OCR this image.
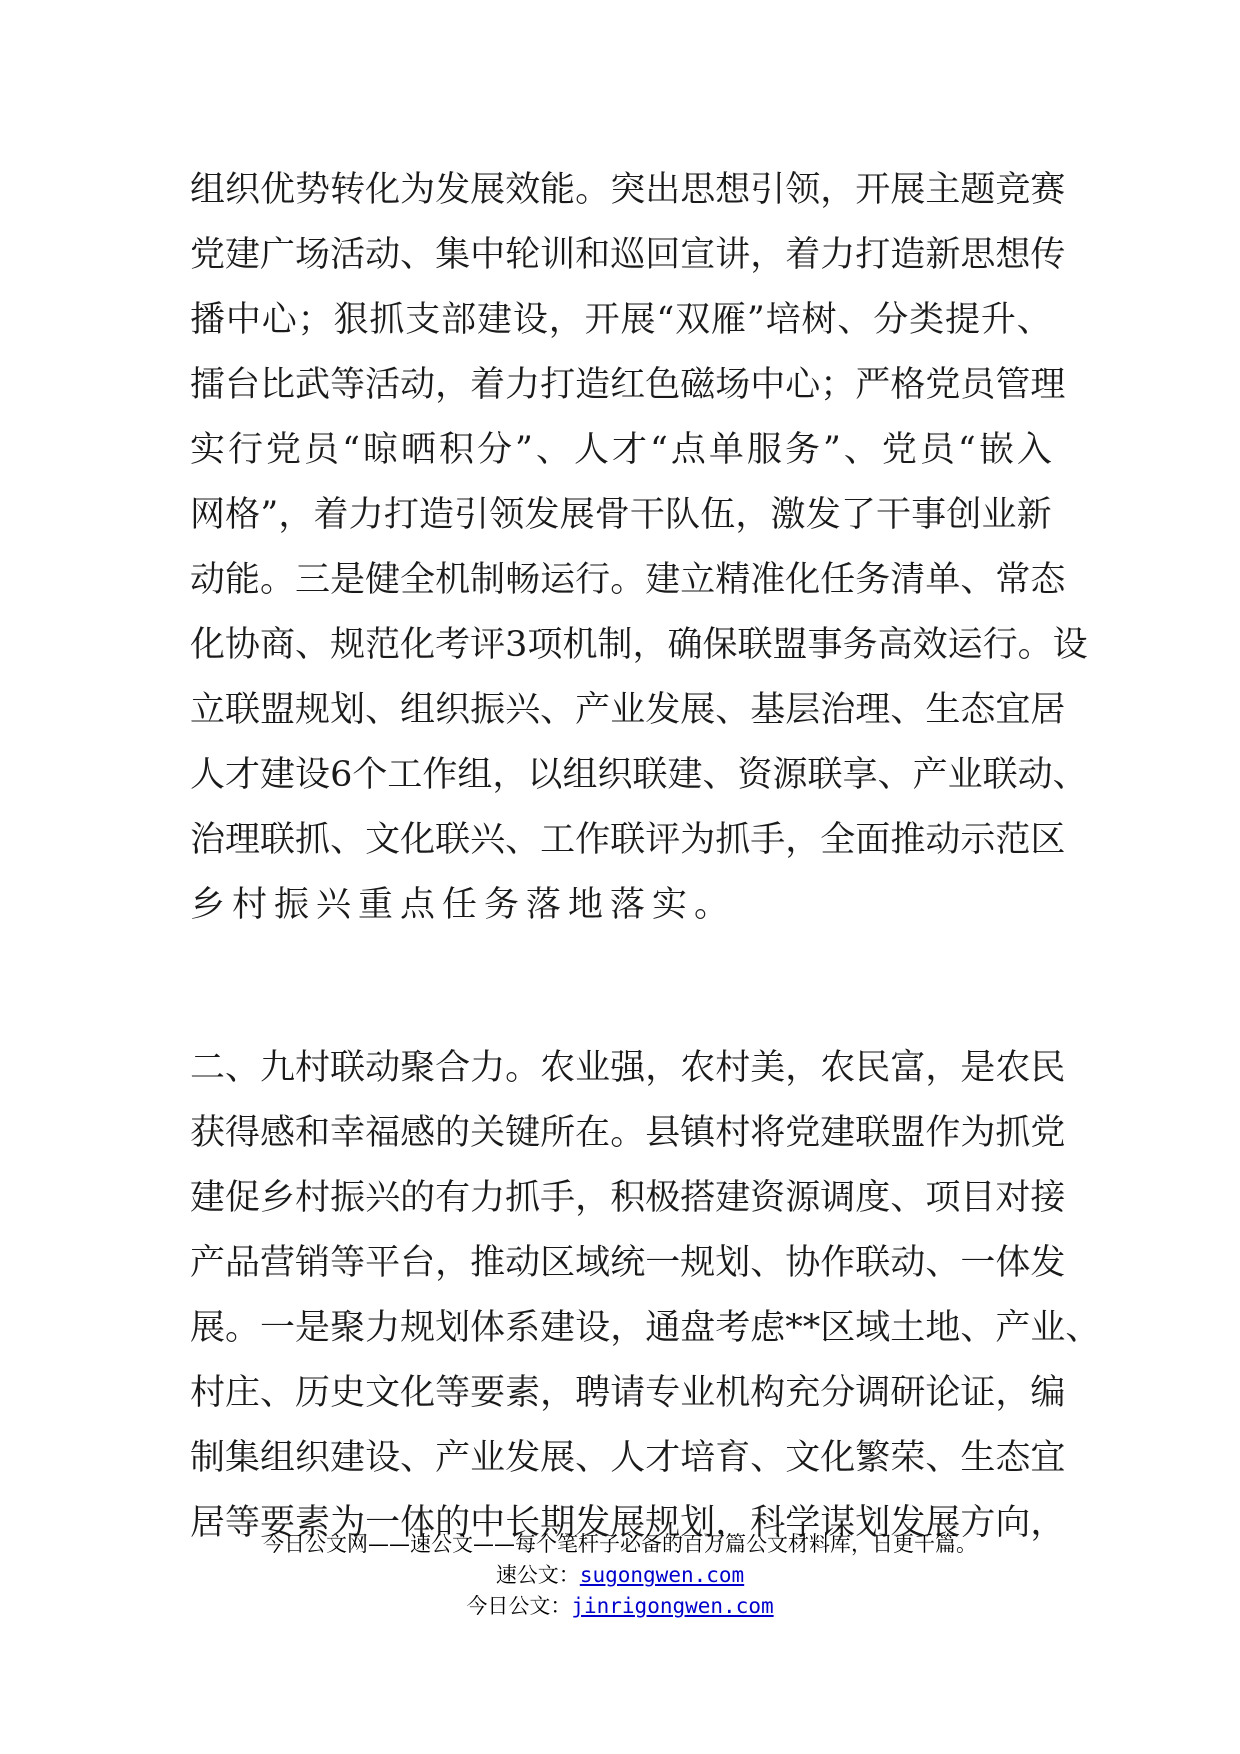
组 织 优 势 转 化 为 发 展 效 能 。 突 出 思 想 引 领 ， 开 展 主 题 竞 赛
党 建 广 场 活 动 、 集 中 轮 训 和 巡 回 宣 讲 ， 着 力 打 造 新 思 想 传
播 中 心 ； 狠 抓 支 部 建 设 ， 开 展 “ 双 雁 ” 培 树 、 分 类 提 升 、
擂 台 比 武 等 活 动 ， 着 力 打 造 红 色 磁 场 中 心 ； 严 格 党 员 管 理
实 行 党 员 “ 晾 晒 积 分 ” 、 人 才 “ 点 单 服 务 ” 、 党 员 “ 嵌 入
网 格 ” ， 着 力 打 造 引 领 发 展 骨 干 队 伍 ， 激 发 了 干 事 创 业 新
动 能 。 三 是 健 全 机 制 畅 运 行 。 建 立 精 准 化 任 务 清 单 、 常 态
化 协 商 、 规 范 化 考 评 3 项 机 制 ， 确 保 联 盟 事 务 高 效 运 行 。 设
立 联 盟 规 划 、 组 织 振 兴 、 产 业 发 展 、 基 层 治 理 、 生 态 宜 居
人 才 建 设 6 个 工 作 组 ， 以 组 织 联 建 、 资 源 联 享 、 产 业 联 动 、
治 理 联 抓 、 文 化 联 兴 、 工 作 联 评 为 抓 手 ， 全 面 推 动 示 范 区
乡村振兴重点任务落地落实。
二 、 九 村 联 动 聚 合 力 。 农 业 强 ， 农 村 美 ， 农 民 富 ， 是 农 民
获 得 感 和 幸 福 感 的 关 键 所 在 。 县 镇 村 将 党 建 联 盟 作 为 抓 党
建 促 乡 村 振 兴 的 有 力 抓 手 ， 积 极 搭 建 资 源 调 度 、 项 目 对 接
产 品 营 销 等 平 台 ， 推 动 区 域 统 一 规 划 、 协 作 联 动 、 一 体 发
展 。 一 是 聚 力 规 划 体 系 建 设 ， 通 盘 考 虑 * * 区 域 土 地 、 产 业 、
村 庄 、 历 史 文 化 等 要 素 ， 聘 请 专 业 机 构 充 分 调 研 论 证 ， 编
制 集 组 织 建 设 、 产 业 发 展 、 人 才 培 育 、 文 化 繁 荣 、 生 态 宜
居 等 要 素 为 一 体 的 中 长 期 发 展 规 划 ， 科 学 谋 划 发 展 方 向 ，
今日公文网——速公文——每个笔杆子必备的百万篇公文材料库，日更千篇。
速公文：sugongwen.com
今日公文：jinrigongwen.com
